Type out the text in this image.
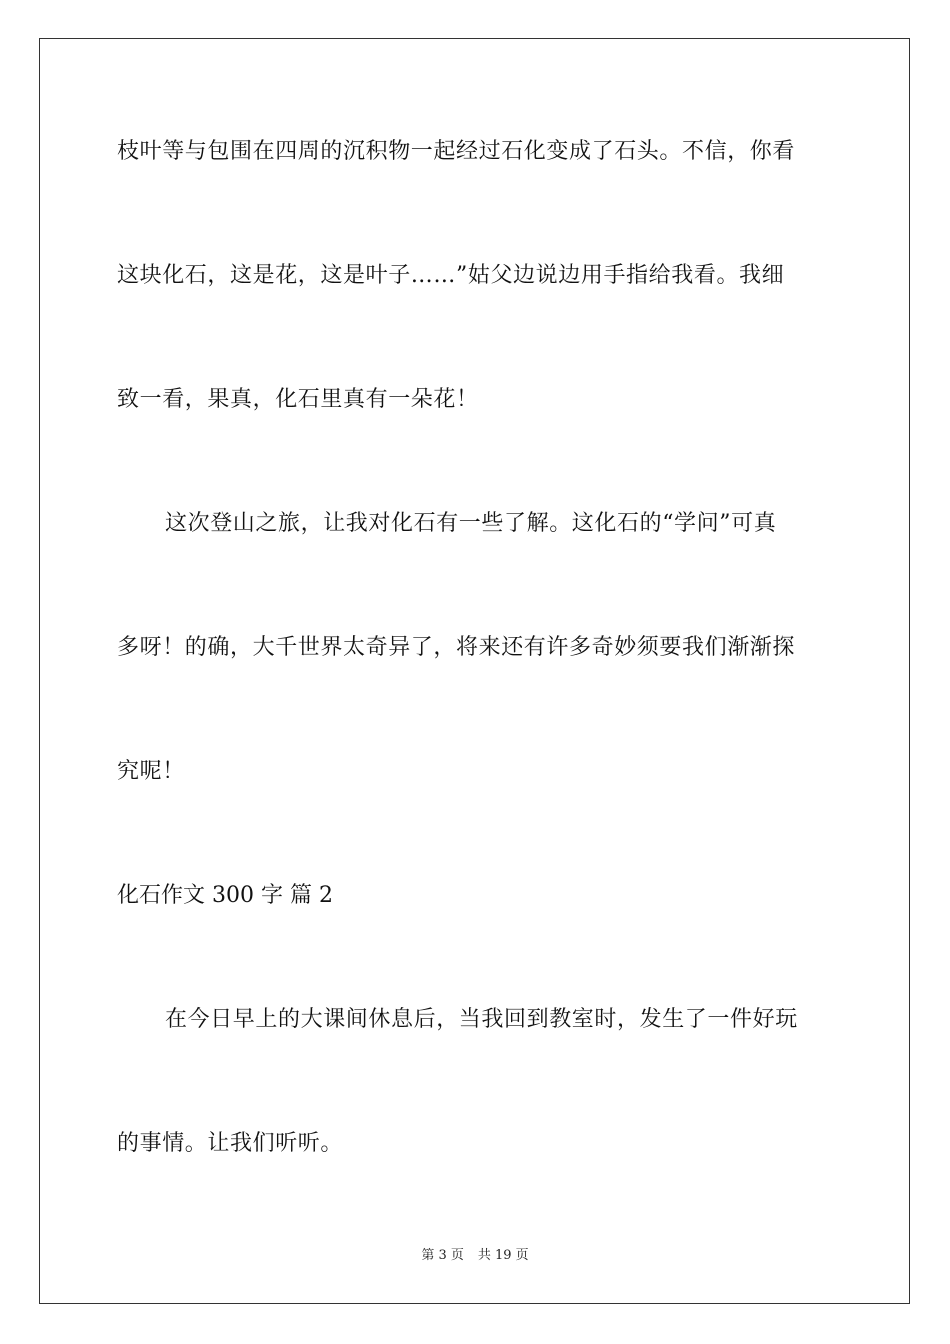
枝叶等与包围在四周的沉积物一起经过石化变成了石头。不信，你看
这块化石，这是花，这是叶子……”姑父边说边用手指给我看。我细
致一看，果真，化石里真有一朵花！
这次登山之旅，让我对化石有一些了解。这化石的“学问”可真
多呀！的确，大千世界太奇异了，将来还有许多奇妙须要我们渐渐探
究呢！
化石作文 300 字 篇 2
在今日早上的大课间休息后，当我回到教室时，发生了一件好玩
的事情。让我们听听。
第 3 页 共 19 页
